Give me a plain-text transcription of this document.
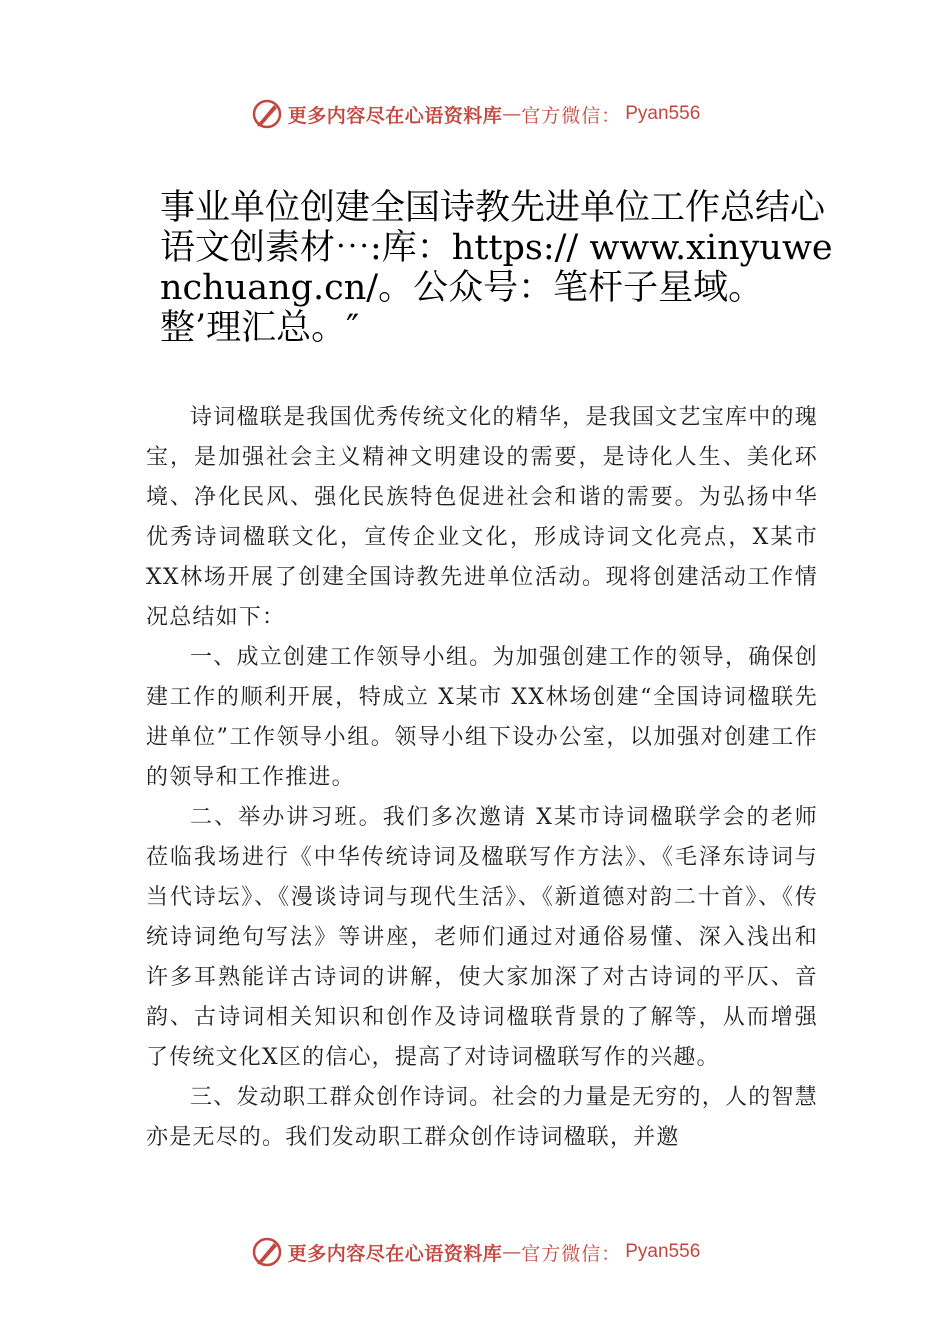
更多内容尽在心语资料库 — 官方微信： Pyan556
事业单位创建全国诗教先进单位工作总结心语文创素材⋯:库：https:// www.xinyuwenchuang.cn/。公众号：笔杆子星域。整’理汇总。″

诗词楹联是我国优秀传统文化的精华，是我国文艺宝库中的瑰宝，是加强社会主义精神文明建设的需要，是诗化人生、美化环境、净化民风、强化民族特色促进社会和谐的需要。为弘扬中华优秀诗词楹联文化，宣传企业文化，形成诗词文化亮点，X某市 XX林场开展了创建全国诗教先进单位活动。现将创建活动工作情况总结如下：

一、成立创建工作领导小组。为加强创建工作的领导，确保创建工作的顺利开展，特成立 X某市 XX林场创建“全国诗词楹联先进单位”工作领导小组。领导小组下设办公室，以加强对创建工作的领导和工作推进。

二、举办讲习班。我们多次邀请 X某市诗词楹联学会的老师莅临我场进行《中华传统诗词及楹联写作方法》、《毛泽东诗词与当代诗坛》、《漫谈诗词与现代生活》、《新道德对韵二十首》、《传统诗词绝句写法》等讲座，老师们通过对通俗易懂、深入浅出和许多耳熟能详古诗词的讲解，使大家加深了对古诗词的平仄、音韵、古诗词相关知识和创作及诗词楹联背景的了解等，从而增强了传统文化X区的信心，提高了对诗词楹联写作的兴趣。

三、发动职工群众创作诗词。社会的力量是无穷的，人的智慧亦是无尽的。我们发动职工群众创作诗词楹联，并邀

更多内容尽在心语资料库 — 官方微信： Pyan556
